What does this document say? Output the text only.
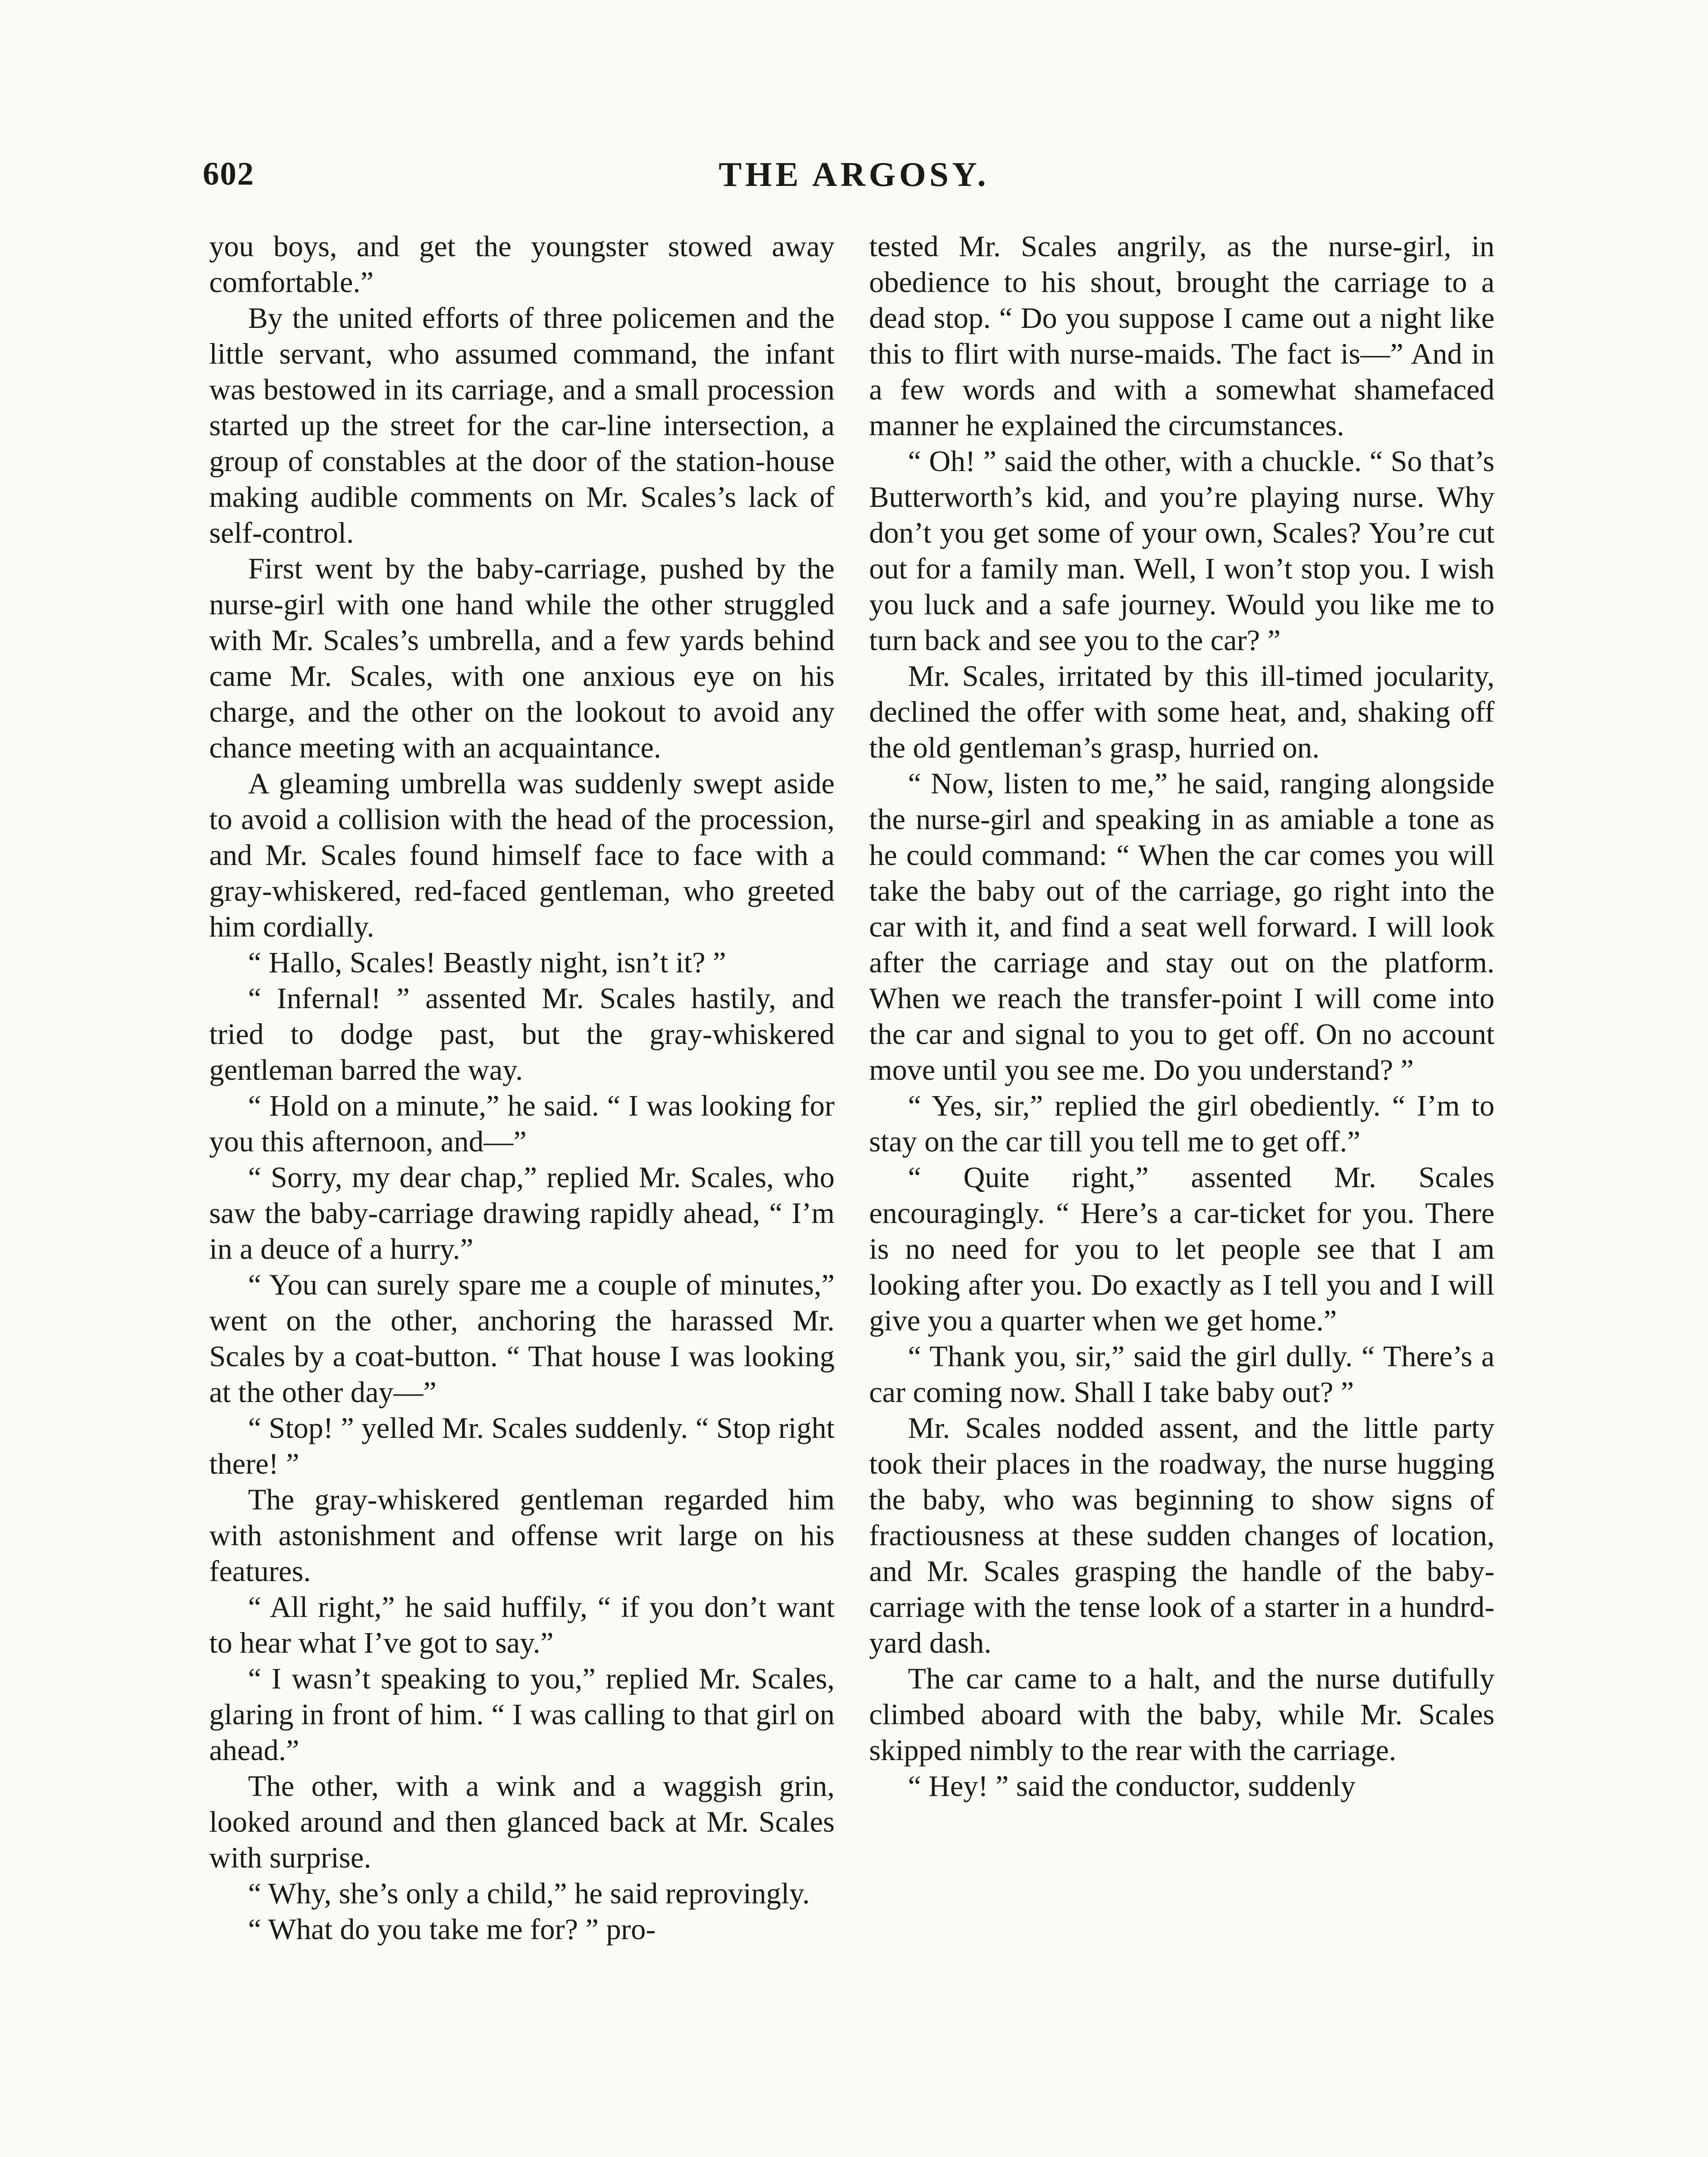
602	THE ARGOSY.

you boys, and get the youngster stowed away comfortable.”

By the united efforts of three policemen and the little servant, who assumed command, the infant was bestowed in its carriage, and a small procession started up the street for the car-line intersection, a group of constables at the door of the station-house making audible comments on Mr. Scales’s lack of self-control.

First went by the baby-carriage, pushed by the nurse-girl with one hand while the other struggled with Mr. Scales’s umbrella, and a few yards behind came Mr. Scales, with one anxious eye on his charge, and the other on the lookout to avoid any chance meeting with an acquaintance.

A gleaming umbrella was suddenly swept aside to avoid a collision with the head of the procession, and Mr. Scales found himself face to face with a gray-whiskered, red-faced gentleman, who greeted him cordially.

“ Hallo, Scales! Beastly night, isn’t it? ”

“ Infernal! ” assented Mr. Scales hastily, and tried to dodge past, but the gray-whiskered gentleman barred the way.

“ Hold on a minute,” he said. “ I was looking for you this afternoon, and—”

“ Sorry, my dear chap,” replied Mr. Scales, who saw the baby-carriage drawing rapidly ahead, “ I’m in a deuce of a hurry.”

“ You can surely spare me a couple of minutes,” went on the other, anchoring the harassed Mr. Scales by a coat-button. “ That house I was looking at the other day—”

“ Stop! ” yelled Mr. Scales suddenly. “ Stop right there! ”

The gray-whiskered gentleman regarded him with astonishment and offense writ large on his features.

“ All right,” he said huffily, “ if you don’t want to hear what I’ve got to say.”

“ I wasn’t speaking to you,” replied Mr. Scales, glaring in front of him. “ I was calling to that girl on ahead.”

The other, with a wink and a waggish grin, looked around and then glanced back at Mr. Scales with surprise.

“ Why, she’s only a child,” he said reprovingly.

“ What do you take me for? ” pro-

tested Mr. Scales angrily, as the nurse-girl, in obedience to his shout, brought the carriage to a dead stop. “ Do you suppose I came out a night like this to flirt with nurse-maids. The fact is—” And in a few words and with a somewhat shamefaced manner he explained the circumstances.

“ Oh! ” said the other, with a chuckle. “ So that’s Butterworth’s kid, and you’re playing nurse. Why don’t you get some of your own, Scales? You’re cut out for a family man. Well, I won’t stop you. I wish you luck and a safe journey. Would you like me to turn back and see you to the car? ”

Mr. Scales, irritated by this ill-timed jocularity, declined the offer with some heat, and, shaking off the old gentleman’s grasp, hurried on.

“ Now, listen to me,” he said, ranging alongside the nurse-girl and speaking in as amiable a tone as he could command: “ When the car comes you will take the baby out of the carriage, go right into the car with it, and find a seat well forward. I will look after the carriage and stay out on the platform. When we reach the transfer-point I will come into the car and signal to you to get off. On no account move until you see me. Do you understand? ”

“ Yes, sir,” replied the girl obediently. “ I’m to stay on the car till you tell me to get off.”

“ Quite right,” assented Mr. Scales encouragingly. “ Here’s a car-ticket for you. There is no need for you to let people see that I am looking after you. Do exactly as I tell you and I will give you a quarter when we get home.”

“ Thank you, sir,” said the girl dully. “ There’s a car coming now. Shall I take baby out? ”

Mr. Scales nodded assent, and the little party took their places in the roadway, the nurse hugging the baby, who was beginning to show signs of fractiousness at these sudden changes of location, and Mr. Scales grasping the handle of the baby-carriage with the tense look of a starter in a hundrd-yard dash.

The car came to a halt, and the nurse dutifully climbed aboard with the baby, while Mr. Scales skipped nimbly to the rear with the carriage.

“ Hey! ” said the conductor, suddenly
